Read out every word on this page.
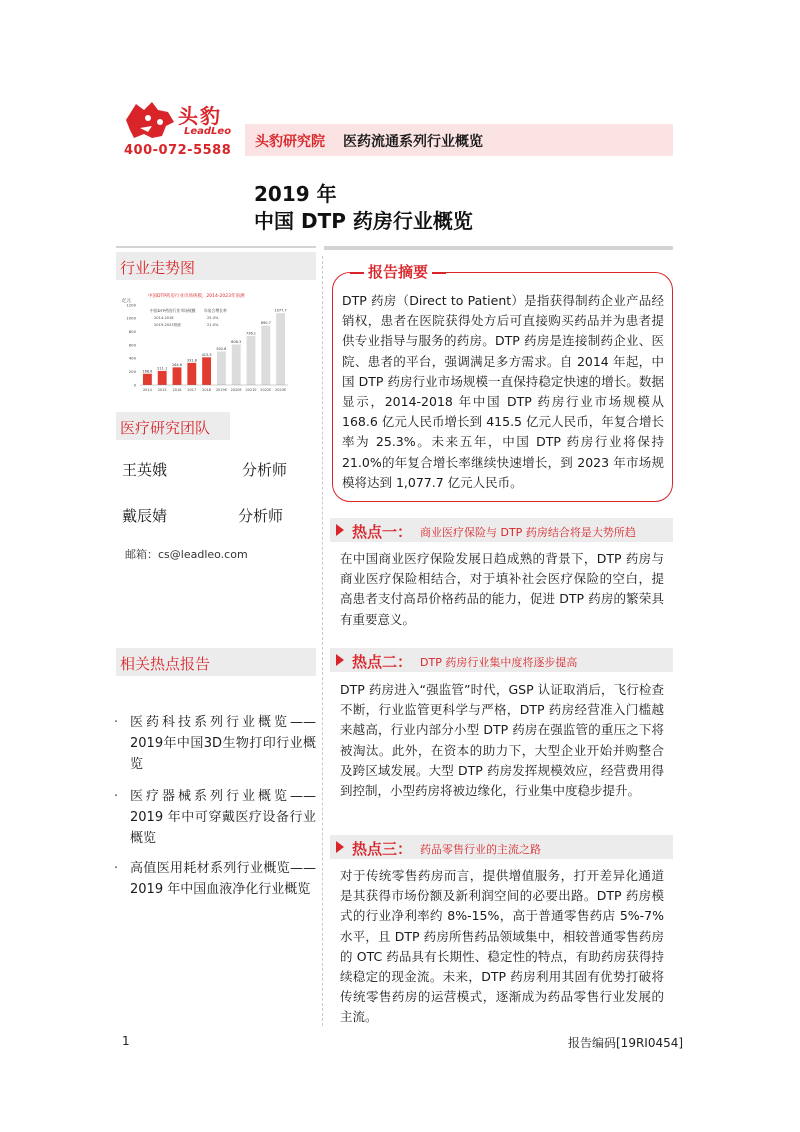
头豹
LeadLeo
400-072-5588
头豹研究院 医药流通系列行业概览
2019 年
中国 DTP 药房行业概览
行业走势图
中国DTP药房行业市场规模，2014-2023年预测
亿元
中国DTP药房行业市场规模 年复合增长率
2014-2018	25.3%
2019-2023预测	21.0%
0
200
400
600
800
1000
1200
168.6
211.1
264.6
331.8
415.5
502.8
608.3
736.1
890.7
1077.7
2014 2015 2016 2017 2018 2019E 2020E 2021E 2022E 2023E
医疗研究团队
王英娥	分析师
戴辰婧	分析师
邮箱：cs@leadleo.com
相关热点报告
· 医药科技系列行业概览——2019年中国3D生物打印行业概览
· 医疗器械系列行业概览——2019 年中可穿戴医疗设备行业概览
· 高值医用耗材系列行业概览——2019 年中国血液净化行业概览
报告摘要
DTP 药房（Direct to Patient）是指获得制药企业产品经销权，患者在医院获得处方后可直接购买药品并为患者提供专业指导与服务的药房。DTP 药房是连接制药企业、医院、患者的平台，强调满足多方需求。自 2014 年起，中国 DTP 药房行业市场规模一直保持稳定快速的增长。数据显示，2014-2018 年中国 DTP 药房行业市场规模从 168.6 亿元人民币增长到 415.5 亿元人民币，年复合增长率为 25.3%。未来五年，中国 DTP 药房行业将保持 21.0%的年复合增长率继续快速增长，到 2023 年市场规模将达到 1,077.7 亿元人民币。
热点一： 商业医疗保险与 DTP 药房结合将是大势所趋
在中国商业医疗保险发展日趋成熟的背景下，DTP 药房与商业医疗保险相结合，对于填补社会医疗保险的空白，提高患者支付高昂价格药品的能力，促进 DTP 药房的繁荣具有重要意义。
热点二： DTP 药房行业集中度将逐步提高
DTP 药房进入“强监管”时代，GSP 认证取消后，飞行检查不断，行业监管更科学与严格，DTP 药房经营准入门槛越来越高，行业内部分小型 DTP 药房在强监管的重压之下将被淘汰。此外，在资本的助力下，大型企业开始并购整合及跨区域发展。大型 DTP 药房发挥规模效应，经营费用得到控制，小型药房将被边缘化，行业集中度稳步提升。
热点三： 药品零售行业的主流之路
对于传统零售药房而言，提供增值服务，打开差异化通道是其获得市场份额及新利润空间的必要出路。DTP 药房模式的行业净利率约 8%-15%，高于普通零售药店 5%-7%水平，且 DTP 药房所售药品领域集中，相较普通零售药房的 OTC 药品具有长期性、稳定性的特点，有助药房获得持续稳定的现金流。未来，DTP 药房利用其固有优势打破将传统零售药房的运营模式，逐渐成为药品零售行业发展的主流。
1	报告编码[19RI0454]
